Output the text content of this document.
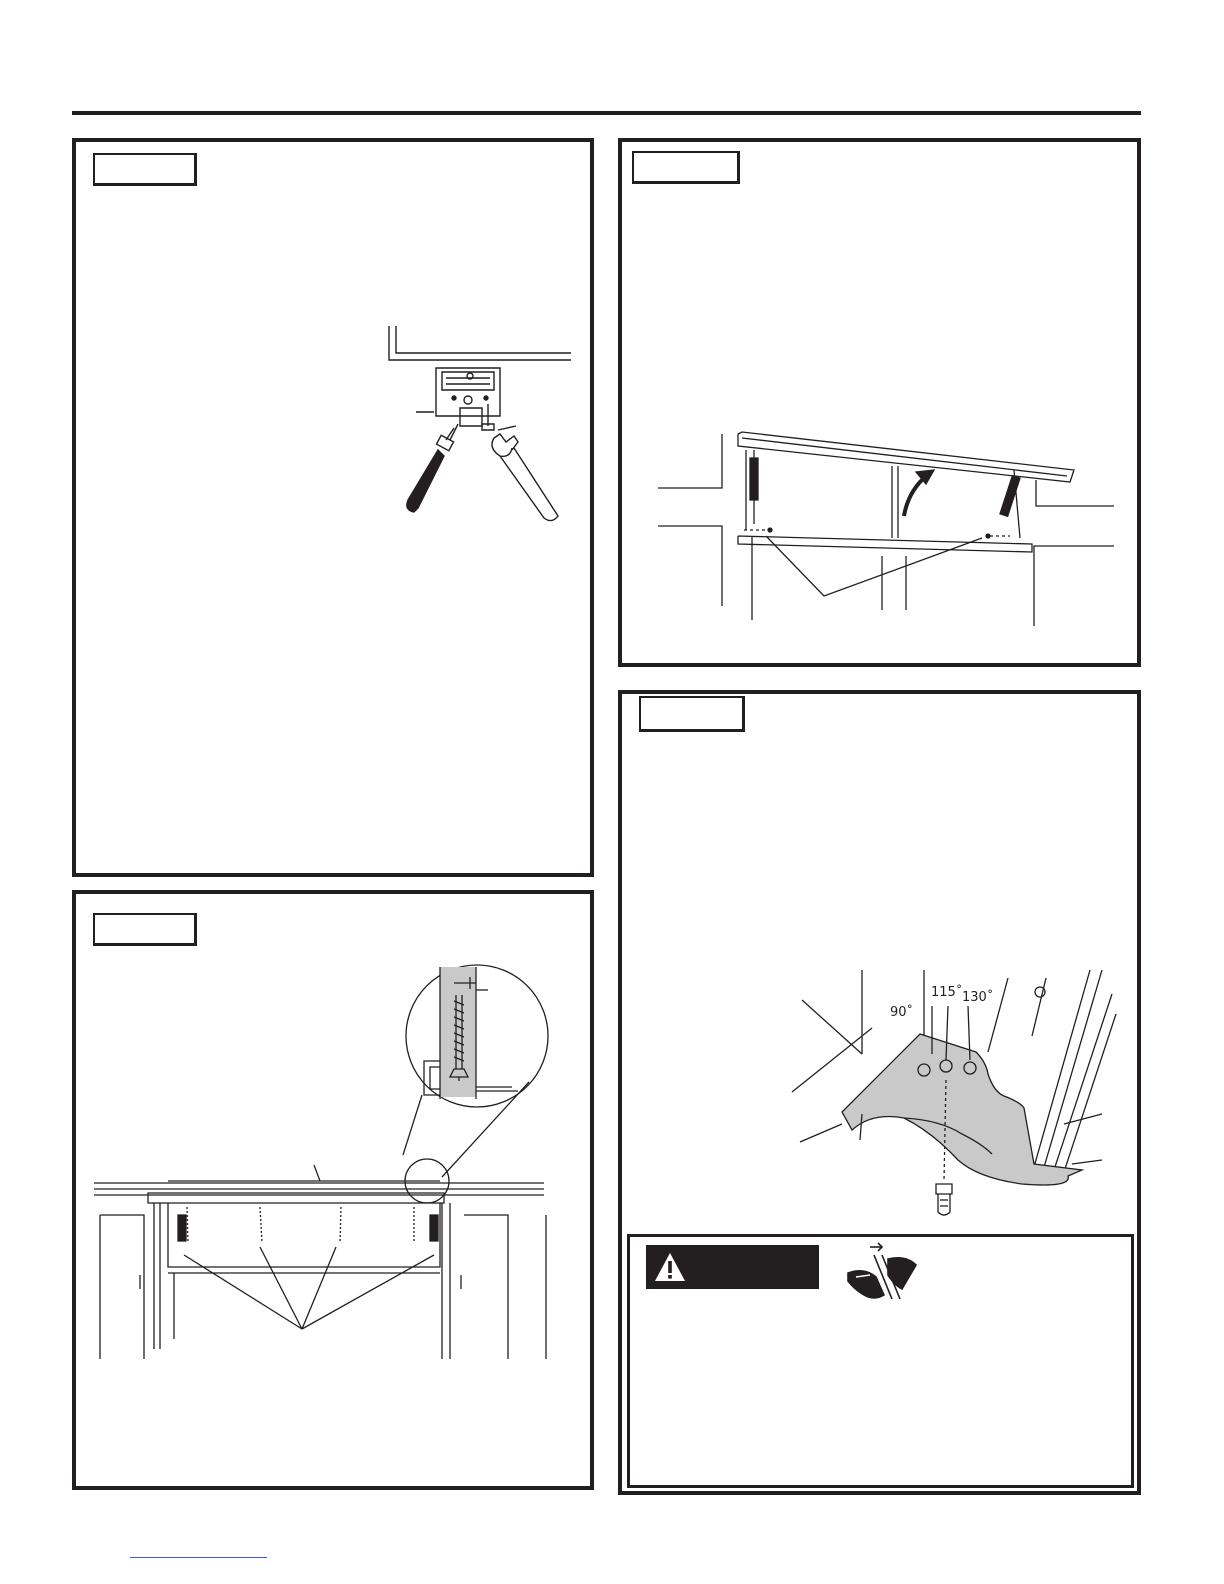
90˚
115˚ 130˚
